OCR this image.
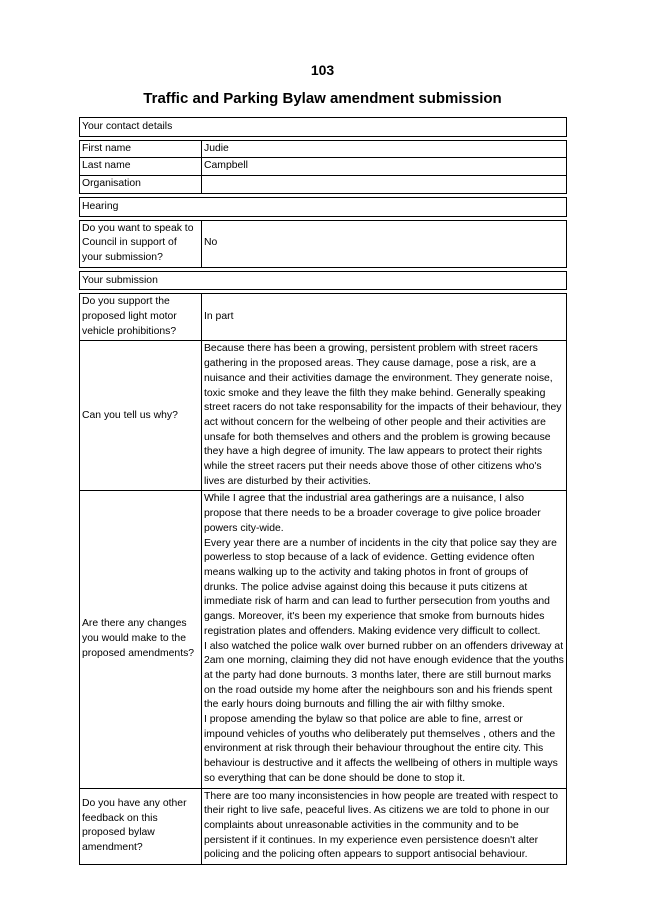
103
Traffic and Parking Bylaw amendment submission
Your contact details
First name	Judie
Last name	Campbell
Organisation	
Hearing
Do you want to speak to Council in support of your submission?	No
Your submission
Do you support the proposed light motor vehicle prohibitions?	In part
Can you tell us why?	Because there has been a growing, persistent problem with street racers gathering in the proposed areas. They cause damage, pose a risk, are a nuisance and their activities damage the environment. They generate noise, toxic smoke and they leave the filth they make behind. Generally speaking street racers do not take responsability for the impacts of their behaviour, they act without concern for the welbeing of other people and their activities are unsafe for both themselves and others and the problem is growing because they have a high degree of imunity. The law appears to protect their rights while the street racers put their needs above those of other citizens who's lives are disturbed by their activities.
Are there any changes you would make to the proposed amendments?	While I agree that the industrial area gatherings are a nuisance, I also propose that there needs to be a broader coverage to give police broader powers city-wide.
Every year there are a number of incidents in the city that police say they are powerless to stop because of a lack of evidence. Getting evidence often means walking up to the activity and taking photos in front of groups of drunks. The police advise against doing this because it puts citizens at immediate risk of harm and can lead to further persecution from youths and gangs. Moreover, it's been my experience that smoke from burnouts hides registration plates and offenders. Making evidence very difficult to collect.
I also watched the police walk over burned rubber on an offenders driveway at 2am one morning, claiming they did not have enough evidence that the youths at the party had done burnouts. 3 months later, there are still burnout marks on the road outside my home after the neighbours son and his friends spent the early hours doing burnouts and filling the air with filthy smoke.
I propose amending the bylaw so that police are able to fine, arrest or impound vehicles of youths who deliberately put themselves , others and the environment at risk through their behaviour throughout the entire city. This behaviour is destructive and it affects the wellbeing of others in multiple ways so everything that can be done should be done to stop it.

Do you have any other feedback on this proposed bylaw amendment?	There are too many inconsistencies in how people are treated with respect to their right to live safe, peaceful lives. As citizens we are told to phone in our complaints about unreasonable activities in the community and to be persistent if it continues. In my experience even persistence doesn't alter policing and the policing often appears to support antisocial behaviour.
